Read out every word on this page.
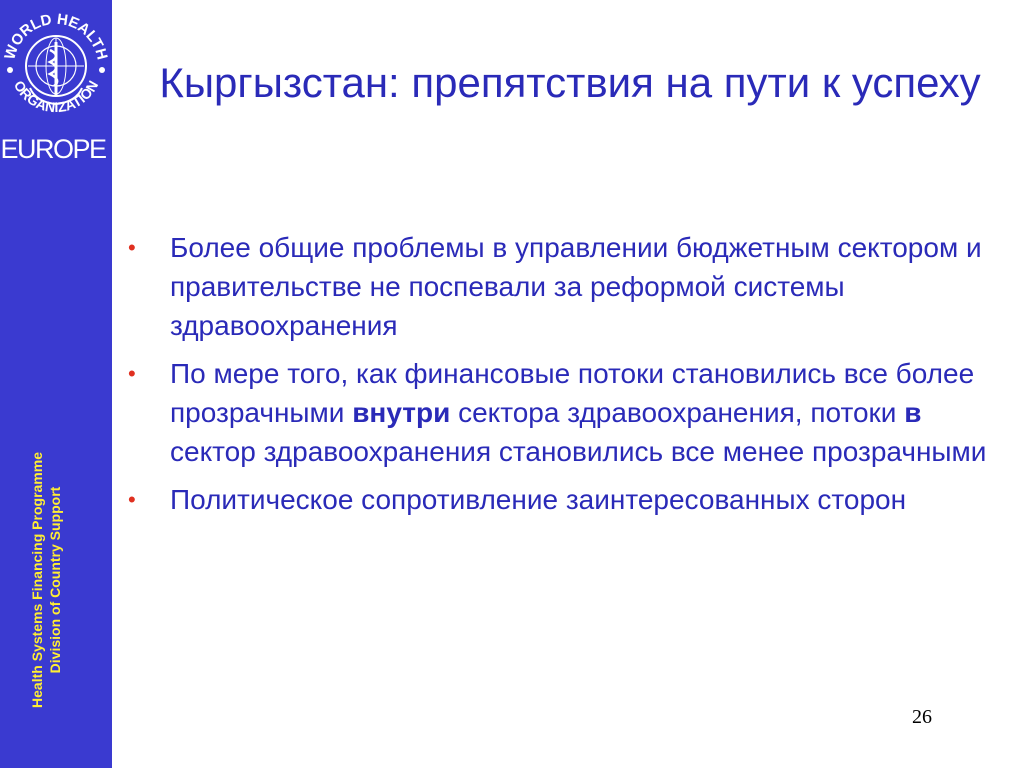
WORLD HEALTH
ORGANIZATION
EUROPE
Health Systems Financing Programme Division of Country Support
Кыргызстан: препятствия на пути к успеху
• Более общие проблемы в управлении бюджетным сектором и правительстве не поспевали за реформой системы здравоохранения
• По мере того, как финансовые потоки становились все более прозрачными внутри сектора здравоохранения, потоки в сектор здравоохранения становились все менее прозрачными
• Политическое сопротивление заинтересованных сторон
26
